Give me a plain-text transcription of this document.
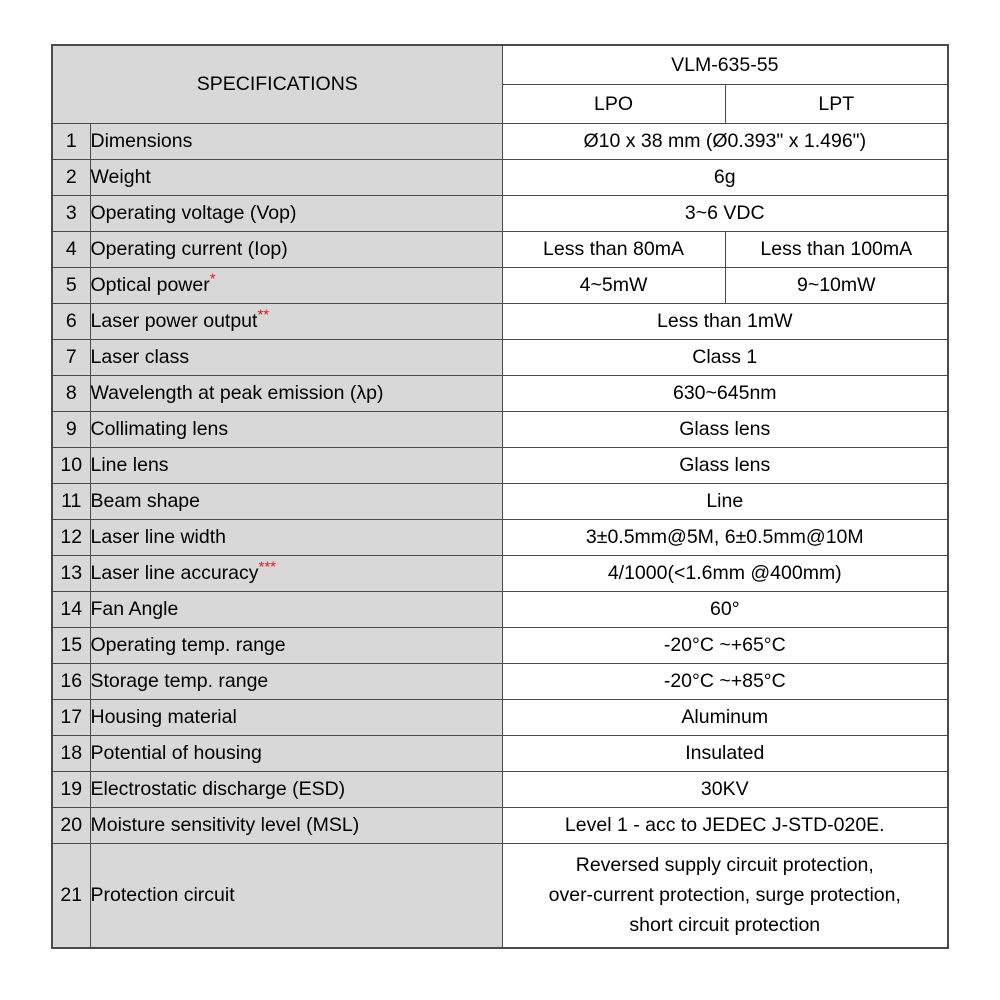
SPECIFICATIONS		VLM-635-55	
		LPO	LPT
1	Dimensions	Ø10 x 38 mm (Ø0.393" x 1.496")	
2	Weight	6g	
3	Operating voltage (Vop)	3~6 VDC	
4	Operating current (Iop)	Less than 80mA	Less than 100mA
5	Optical power*	4~5mW	9~10mW
6	Laser power output**	Less than 1mW	
7	Laser class	Class 1	
8	Wavelength at peak emission (λp)	630~645nm	
9	Collimating lens	Glass lens	
10	Line lens	Glass lens	
11	Beam shape	Line	
12	Laser line width	3±0.5mm@5M, 6±0.5mm@10M	
13	Laser line accuracy***	4/1000(<1.6mm @400mm)	
14	Fan Angle	60°	
15	Operating temp. range	-20°C ~+65°C	
16	Storage temp. range	-20°C ~+85°C	
17	Housing material	Aluminum	
18	Potential of housing	Insulated	
19	Electrostatic discharge (ESD)	30KV	
20	Moisture sensitivity level (MSL)	Level 1 - acc to JEDEC J-STD-020E.	
21	Protection circuit	Reversed supply circuit protection,
over-current protection, surge protection,
short circuit protection	
